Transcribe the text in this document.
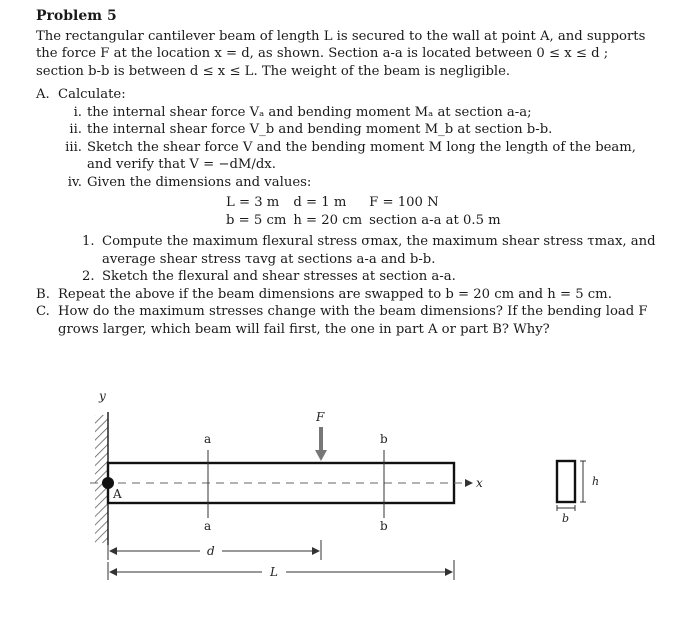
Problem 5

The rectangular cantilever beam of length L is secured to the wall at point A, and supports the force F at the location x = d, as shown. Section a-a is located between 0 ≤ x ≤ d ; section b-b is between d ≤ x ≤ L. The weight of the beam is negligible.

A. Calculate:
i. the internal shear force Vₐ and bending moment Mₐ at section a-a;
ii. the internal shear force V_b and bending moment M_b at section b-b.
iii. Sketch the shear force V and the bending moment M long the length of the beam, and verify that V = −dM/dx.
iv. Given the dimensions and values:
L = 3 m	d = 1 m	F = 100 N
b = 5 cm	h = 20 cm	section a-a at 0.5 m
1. Compute the maximum flexural stress σmax, the maximum shear stress τmax, and average shear stress τavg at sections a-a and b-b.
2. Sketch the flexural and shear stresses at section a-a.
B. Repeat the above if the beam dimensions are swapped to b = 20 cm and h = 5 cm.
C. How do the maximum stresses change with the beam dimensions? If the bending load F grows larger, which beam will fail first, the one in part A or part B? Why?
y
x
A
a
a
b
b
F
d
L
h
b
